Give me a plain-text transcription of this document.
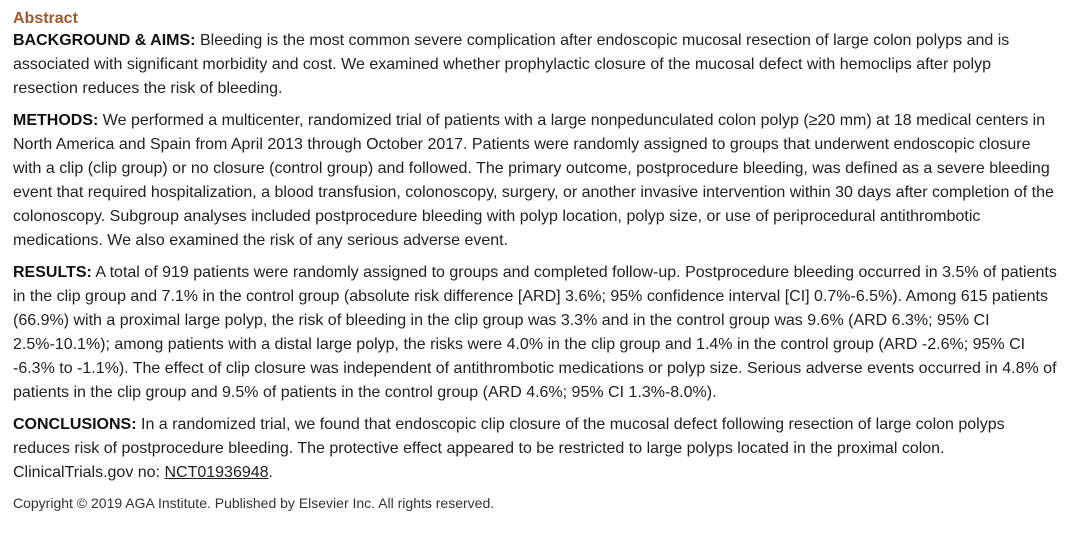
Abstract

BACKGROUND & AIMS: Bleeding is the most common severe complication after endoscopic mucosal resection of large colon polyps and is associated with significant morbidity and cost. We examined whether prophylactic closure of the mucosal defect with hemoclips after polyp resection reduces the risk of bleeding.

METHODS: We performed a multicenter, randomized trial of patients with a large nonpedunculated colon polyp (≥20 mm) at 18 medical centers in North America and Spain from April 2013 through October 2017. Patients were randomly assigned to groups that underwent endoscopic closure with a clip (clip group) or no closure (control group) and followed. The primary outcome, postprocedure bleeding, was defined as a severe bleeding event that required hospitalization, a blood transfusion, colonoscopy, surgery, or another invasive intervention within 30 days after completion of the colonoscopy. Subgroup analyses included postprocedure bleeding with polyp location, polyp size, or use of periprocedural antithrombotic medications. We also examined the risk of any serious adverse event.

RESULTS: A total of 919 patients were randomly assigned to groups and completed follow-up. Postprocedure bleeding occurred in 3.5% of patients in the clip group and 7.1% in the control group (absolute risk difference [ARD] 3.6%; 95% confidence interval [CI] 0.7%-6.5%). Among 615 patients (66.9%) with a proximal large polyp, the risk of bleeding in the clip group was 3.3% and in the control group was 9.6% (ARD 6.3%; 95% CI 2.5%-10.1%); among patients with a distal large polyp, the risks were 4.0% in the clip group and 1.4% in the control group (ARD -2.6%; 95% CI -6.3% to -1.1%). The effect of clip closure was independent of antithrombotic medications or polyp size. Serious adverse events occurred in 4.8% of patients in the clip group and 9.5% of patients in the control group (ARD 4.6%; 95% CI 1.3%-8.0%).

CONCLUSIONS: In a randomized trial, we found that endoscopic clip closure of the mucosal defect following resection of large colon polyps reduces risk of postprocedure bleeding. The protective effect appeared to be restricted to large polyps located in the proximal colon. ClinicalTrials.gov no: NCT01936948.

Copyright © 2019 AGA Institute. Published by Elsevier Inc. All rights reserved.
